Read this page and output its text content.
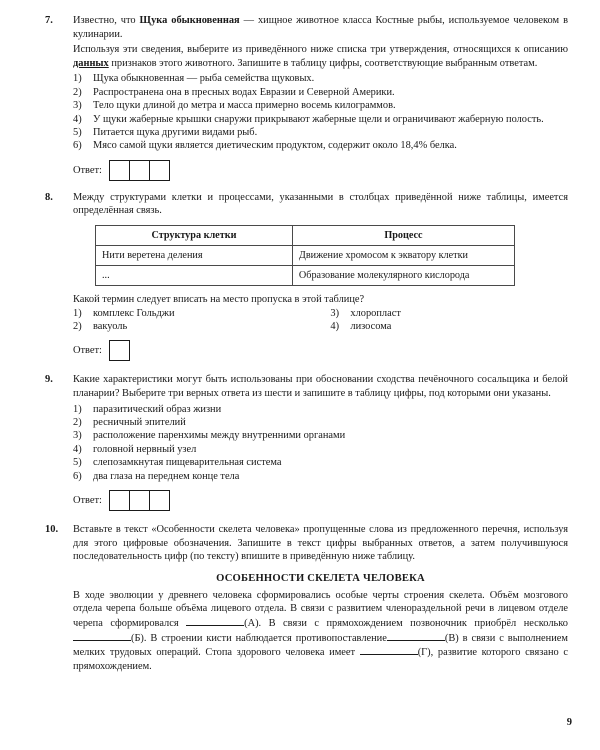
7.	Известно, что Щука обыкновенная — хищное животное класса Костные рыбы, используемое человеком в кулинарии.

Используя эти сведения, выберите из приведённого ниже списка три утверждения, относящихся к описанию данных признаков этого животного. Запишите в таблицу цифры, соответствующие выбранным ответам.

1)	Щука обыкновенная — рыба семейства щуковых.
2)	Распространена она в пресных водах Евразии и Северной Америки.
3)	Тело щуки длиной до метра и масса примерно восемь килограммов.
4)	У щуки жаберные крышки снаружи прикрывают жаберные щели и ограничивают жаберную полость.
5)	Питается щука другими видами рыб.
6)	Мясо самой щуки является диетическим продуктом, содержит около 18,4% белка.
Ответ:
8.	Между структурами клетки и процессами, указанными в столбцах приведённой ниже таблицы, имеется определённая связь.

Структура клетки	Процесс
Нити веретена деления	Движение хромосом к экватору клетки
...	Образование молекулярного кислорода

Какой термин следует вписать на место пропуска в этой таблице?

1)	комплекс Гольджи
2)	вакуоль
3)	хлоропласт
4)	лизосома
Ответ:
9.	Какие характеристики могут быть использованы при обосновании сходства печёночного сосальщика и белой планарии? Выберите три верных ответа из шести и запишите в таблицу цифры, под которыми они указаны.

1)	паразитический образ жизни
2)	ресничный эпителий
3)	расположение паренхимы между внутренними органами
4)	головной нервный узел
5)	слепозамкнутая пищеварительная система
6)	два глаза на переднем конце тела
Ответ:
10.	Вставьте в текст «Особенности скелета человека» пропущенные слова из предложенного перечня, используя для этого цифровые обозначения. Запишите в текст цифры выбранных ответов, а затем получившуюся последовательность цифр (по тексту) впишите в приведённую ниже таблицу.

ОСОБЕННОСТИ СКЕЛЕТА ЧЕЛОВЕКА

В ходе эволюции у древнего человека сформировались особые черты строения скелета. Объём мозгового отдела черепа больше объёма лицевого отдела. В связи с развитием членораздельной речи в лицевом отделе черепа сформировался	(А). В связи с прямохождением позвоночник приобрёл несколько (Б). В строении кисти наблюдается противопоставление	(В) в связи с выполнением мелких трудовых операций. Стопа здорового человека имеет	(Г), развитие которого связано с прямохождением.

9
